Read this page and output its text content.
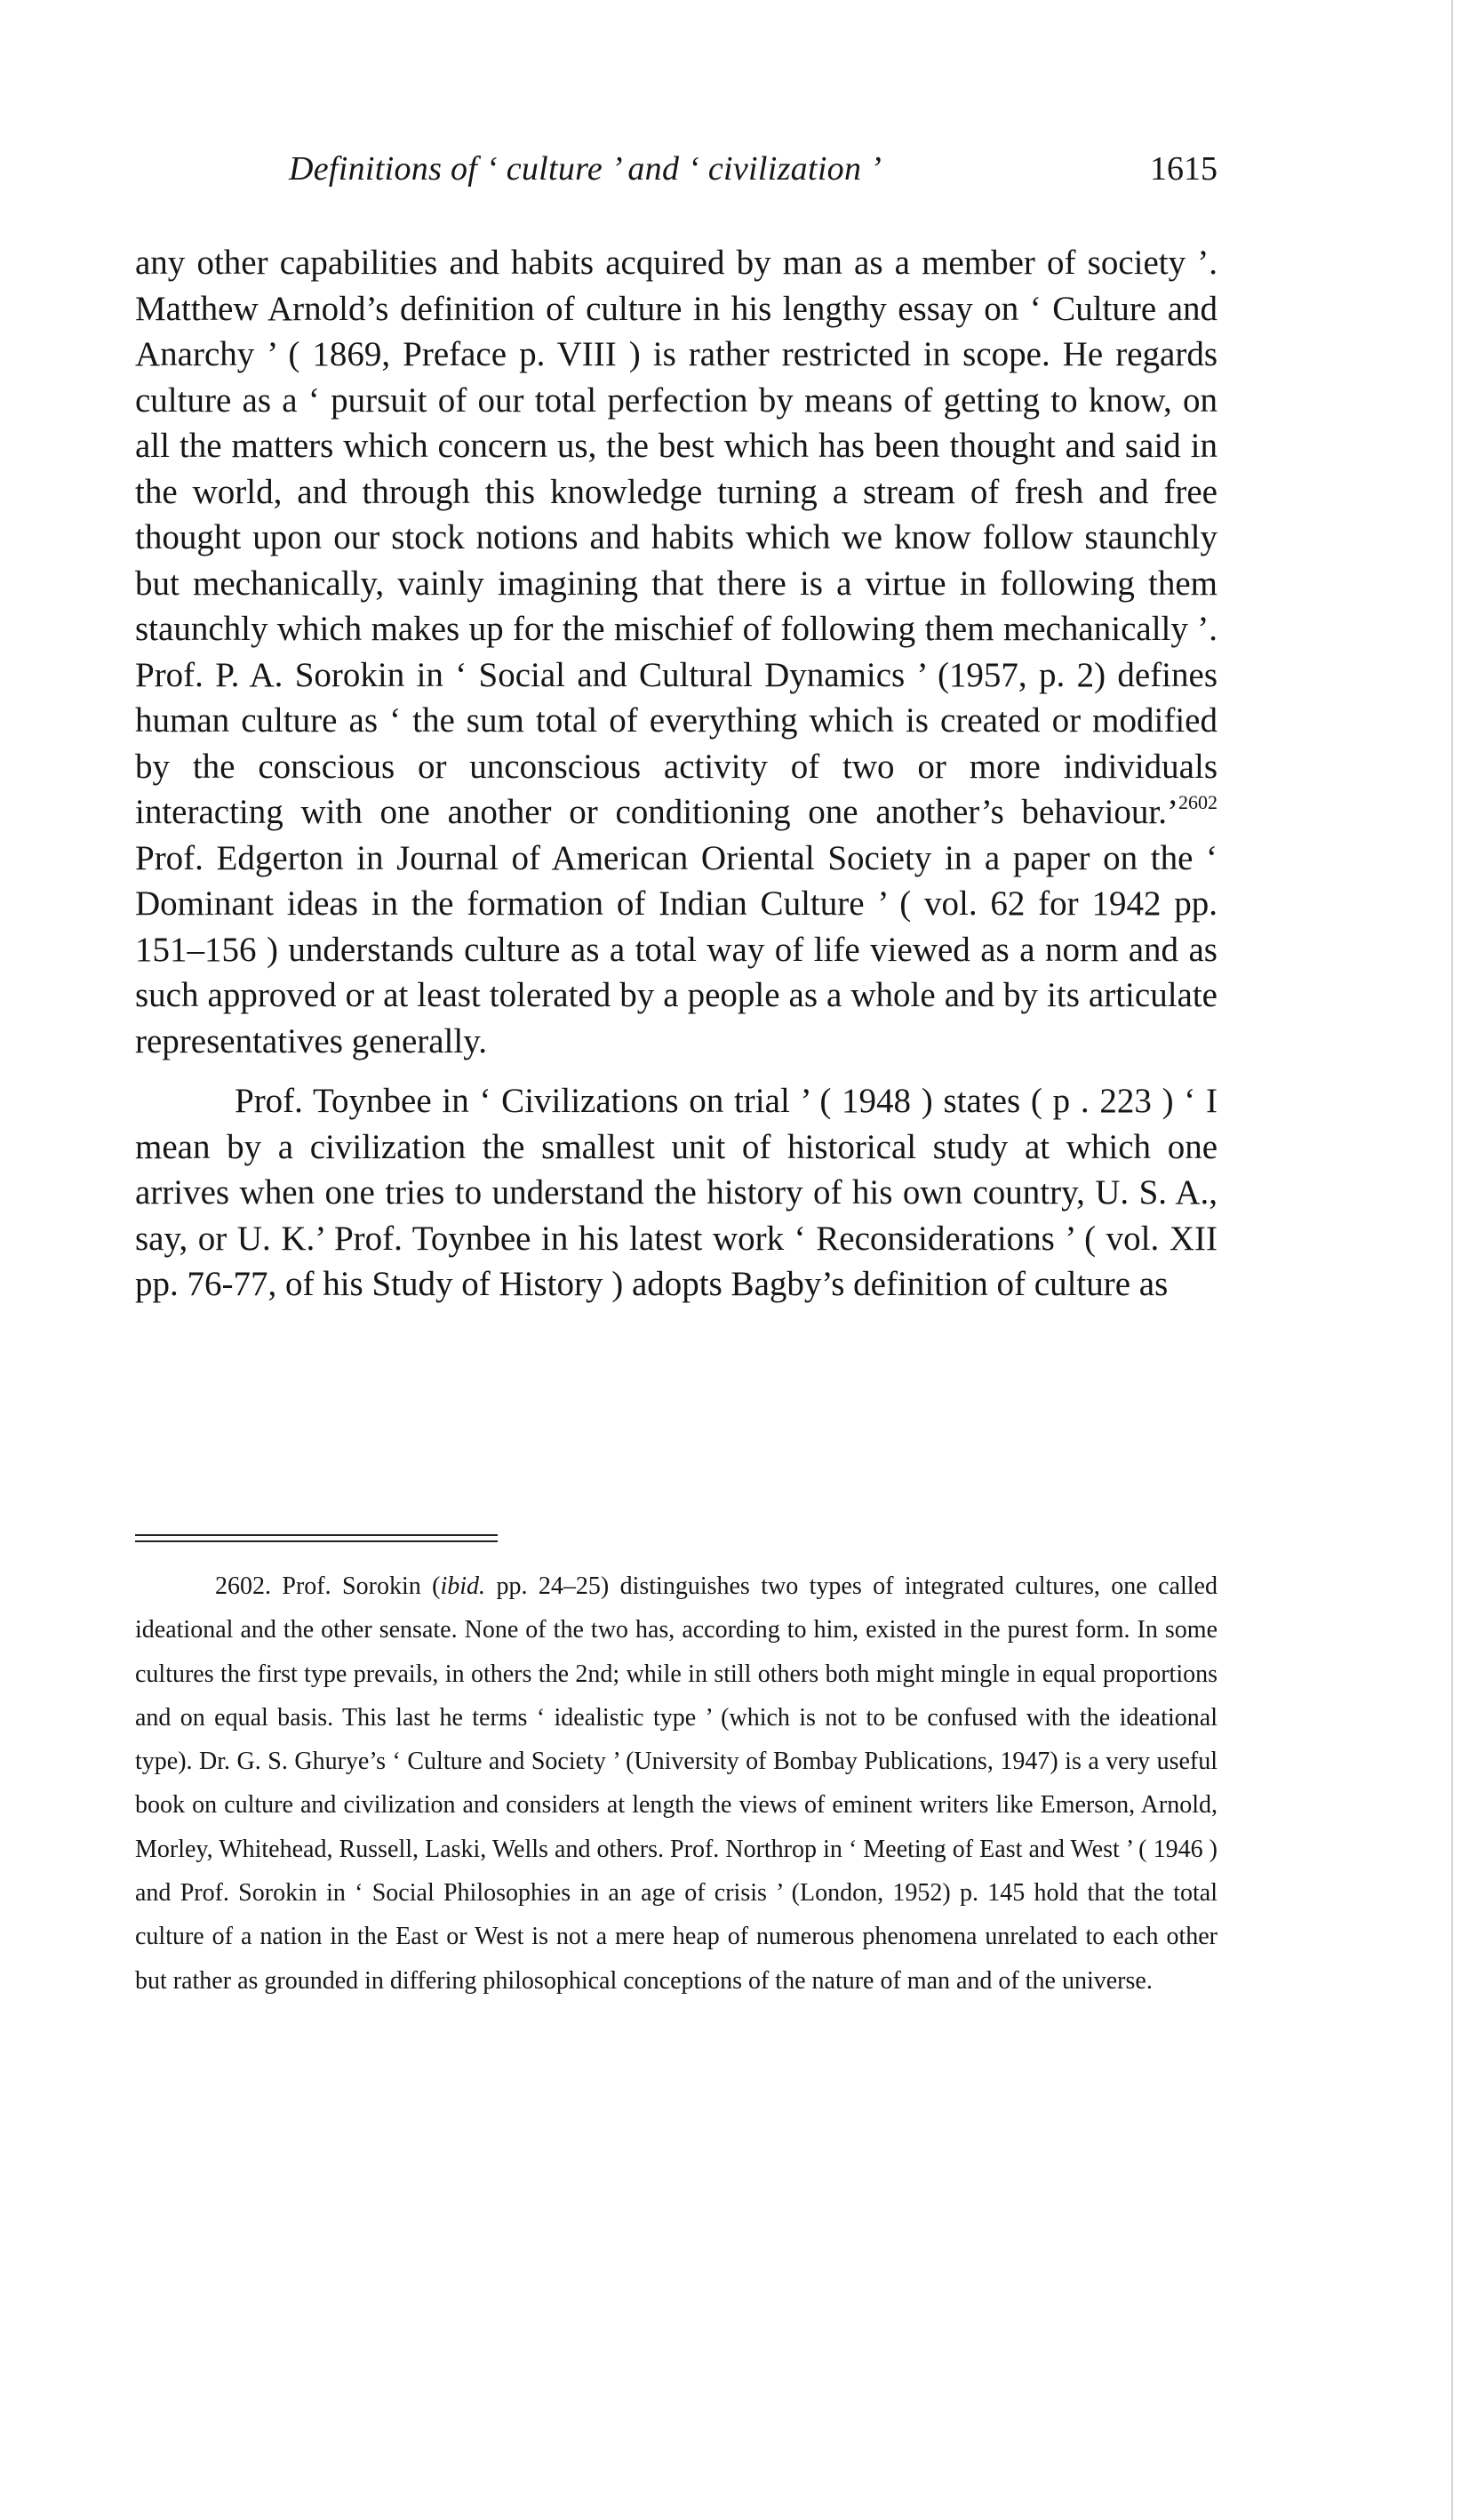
Definitions of ‘ culture ’ and ‘ civilization ’	1615

any other capabilities and habits acquired by man as a member of society ’. Matthew Arnold’s definition of culture in his lengthy essay on ‘ Culture and Anarchy ’ ( 1869, Preface p. VIII ) is rather restricted in scope. He regards culture as a ‘ pursuit of our total perfection by means of getting to know, on all the matters which concern us, the best which has been thought and said in the world, and through this knowledge turning a stream of fresh and free thought upon our stock notions and habits which we know follow staunchly but mechanically, vainly imagining that there is a virtue in following them staunchly which makes up for the mischief of following them mechanically ’. Prof. P. A. Sorokin in ‘ Social and Cultural Dynamics ’ (1957, p. 2) defines human culture as ‘ the sum total of everything which is created or modified by the conscious or unconscious activity of two or more individuals interacting with one another or conditioning one another’s behaviour.’$^{2602}$ Prof. Edgerton in Journal of American Oriental Society in a paper on the ‘ Dominant ideas in the formation of Indian Culture ’ ( vol. 62 for 1942 pp. 151–156 ) understands culture as a total way of life viewed as a norm and as such approved or at least tolerated by a people as a whole and by its articulate representatives generally.

Prof. Toynbee in ‘ Civilizations on trial ’ ( 1948 ) states ( p . 223 ) ‘ I mean by a civilization the smallest unit of historical study at which one arrives when one tries to understand the history of his own country, U. S. A., say, or U. K.’ Prof. Toynbee in his latest work ‘ Reconsiderations ’ ( vol. XII pp. 76-77, of his Study of History ) adopts Bagby’s definition of culture as

2602. Prof. Sorokin (ibid. pp. 24–25) distinguishes two types of integrated cultures, one called ideational and the other sensate. None of the two has, according to him, existed in the purest form. In some cultures the first type prevails, in others the 2nd; while in still others both might mingle in equal proportions and on equal basis. This last he terms ‘ idealistic type ’ (which is not to be confused with the ideational type). Dr. G. S. Ghurye’s ‘ Culture and Society ’ (University of Bombay Publications, 1947) is a very useful book on culture and civilization and considers at length the views of eminent writers like Emerson, Arnold, Morley, Whitehead, Russell, Laski, Wells and others. Prof. Northrop in ‘ Meeting of East and West ’ ( 1946 ) and Prof. Sorokin in ‘ Social Philosophies in an age of crisis ’ (London, 1952) p. 145 hold that the total culture of a nation in the East or West is not a mere heap of numerous phenomena unrelated to each other but rather as grounded in differing philosophical conceptions of the nature of man and of the universe.
